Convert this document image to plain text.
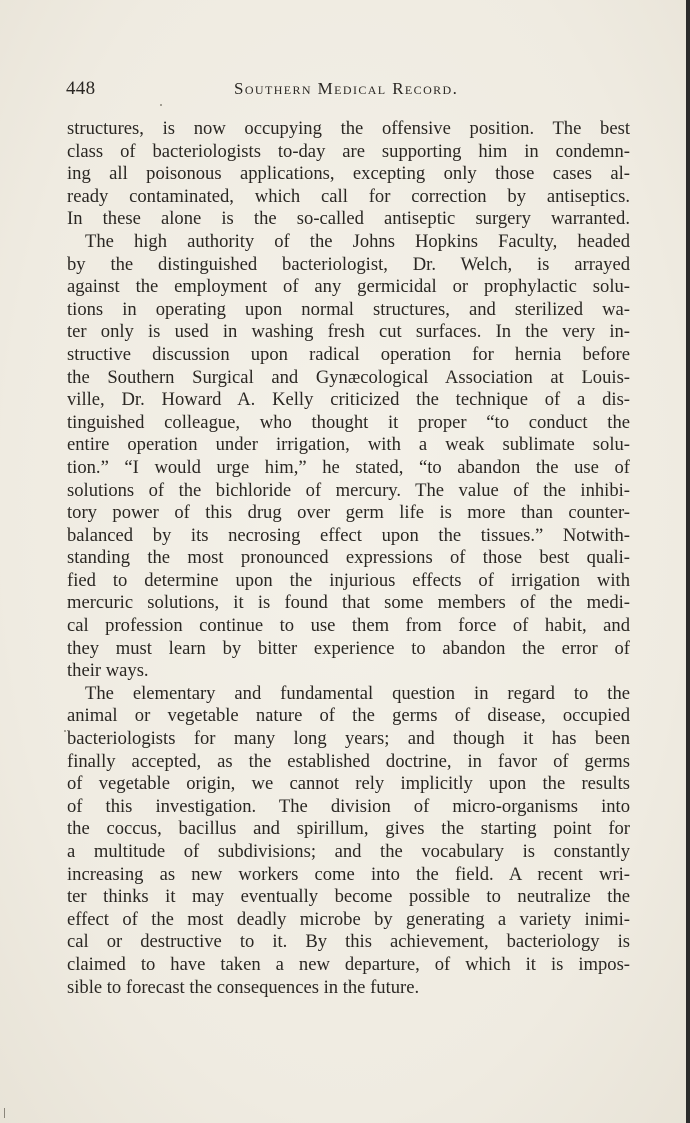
448	Southern Medical Record.
structures, is now occupying the offensive position. The best
class of bacteriologists to-day are supporting him in condemn-
ing all poisonous applications, excepting only those cases al-
ready contaminated, which call for correction by antiseptics.
In these alone is the so-called antiseptic surgery warranted.
The high authority of the Johns Hopkins Faculty, headed
by the distinguished bacteriologist, Dr. Welch, is arrayed
against the employment of any germicidal or prophylactic solu-
tions in operating upon normal structures, and sterilized wa-
ter only is used in washing fresh cut surfaces. In the very in-
structive discussion upon radical operation for hernia before
the Southern Surgical and Gynæcological Association at Louis-
ville, Dr. Howard A. Kelly criticized the technique of a dis-
tinguished colleague, who thought it proper “to conduct the
entire operation under irrigation, with a weak sublimate solu-
tion.” “I would urge him,” he stated, “to abandon the use of
solutions of the bichloride of mercury. The value of the inhibi-
tory power of this drug over germ life is more than counter-
balanced by its necrosing effect upon the tissues.” Notwith-
standing the most pronounced expressions of those best quali-
fied to determine upon the injurious effects of irrigation with
mercuric solutions, it is found that some members of the medi-
cal profession continue to use them from force of habit, and
they must learn by bitter experience to abandon the error of
their ways.
The elementary and fundamental question in regard to the
animal or vegetable nature of the germs of disease, occupied
bacteriologists for many long years; and though it has been
finally accepted, as the established doctrine, in favor of germs
of vegetable origin, we cannot rely implicitly upon the results
of this investigation. The division of micro-organisms into
the coccus, bacillus and spirillum, gives the starting point for
a multitude of subdivisions; and the vocabulary is constantly
increasing as new workers come into the field. A recent wri-
ter thinks it may eventually become possible to neutralize the
effect of the most deadly microbe by generating a variety inimi-
cal or destructive to it. By this achievement, bacteriology is
claimed to have taken a new departure, of which it is impos-
sible to forecast the consequences in the future.
